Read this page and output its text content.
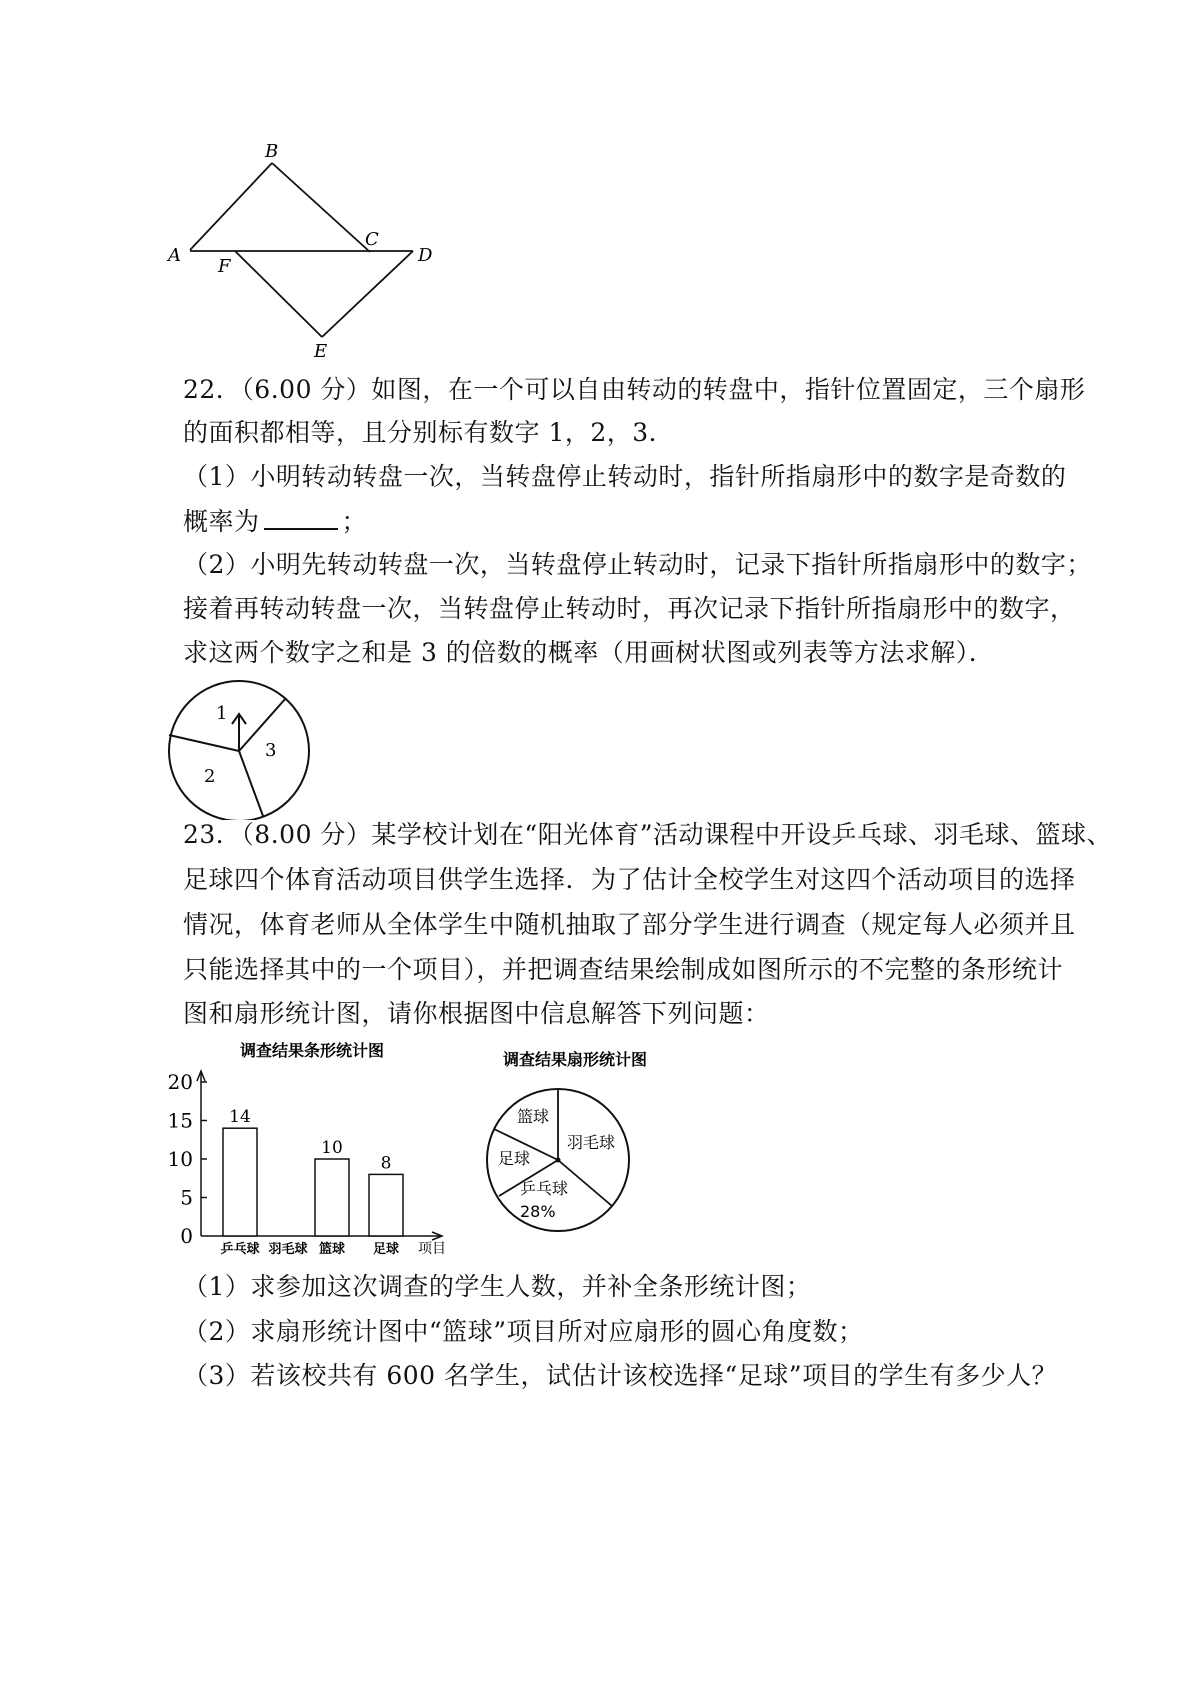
B
A
F
C
D
E
22．（6.00 分）如图，在一个可以自由转动的转盘中，指针位置固定，三个扇形
的面积都相等，且分别标有数字 1，2，3．
（1）小明转动转盘一次，当转盘停止转动时，指针所指扇形中的数字是奇数的
概率为	；
（2）小明先转动转盘一次，当转盘停止转动时，记录下指针所指扇形中的数字；
接着再转动转盘一次，当转盘停止转动时，再次记录下指针所指扇形中的数字，
求这两个数字之和是 3 的倍数的概率（用画树状图或列表等方法求解）．
1
2
3
23．（8.00 分）某学校计划在“阳光体育”活动课程中开设乒乓球、羽毛球、篮球、
足球四个体育活动项目供学生选择．为了估计全校学生对这四个活动项目的选择
情况，体育老师从全体学生中随机抽取了部分学生进行调查（规定每人必须并且
只能选择其中的一个项目），并把调查结果绘制成如图所示的不完整的条形统计
图和扇形统计图，请你根据图中信息解答下列问题：
调查结果条形统计图
项目
0
5
10
15
20
乒乓球
14
羽毛球 篮球
10
足球
8
调查结果扇形统计图
篮球
羽毛球
乒乓球
28%
足球
（1）求参加这次调查的学生人数，并补全条形统计图；
（2）求扇形统计图中“篮球”项目所对应扇形的圆心角度数；
（3）若该校共有 600 名学生，试估计该校选择“足球”项目的学生有多少人？
